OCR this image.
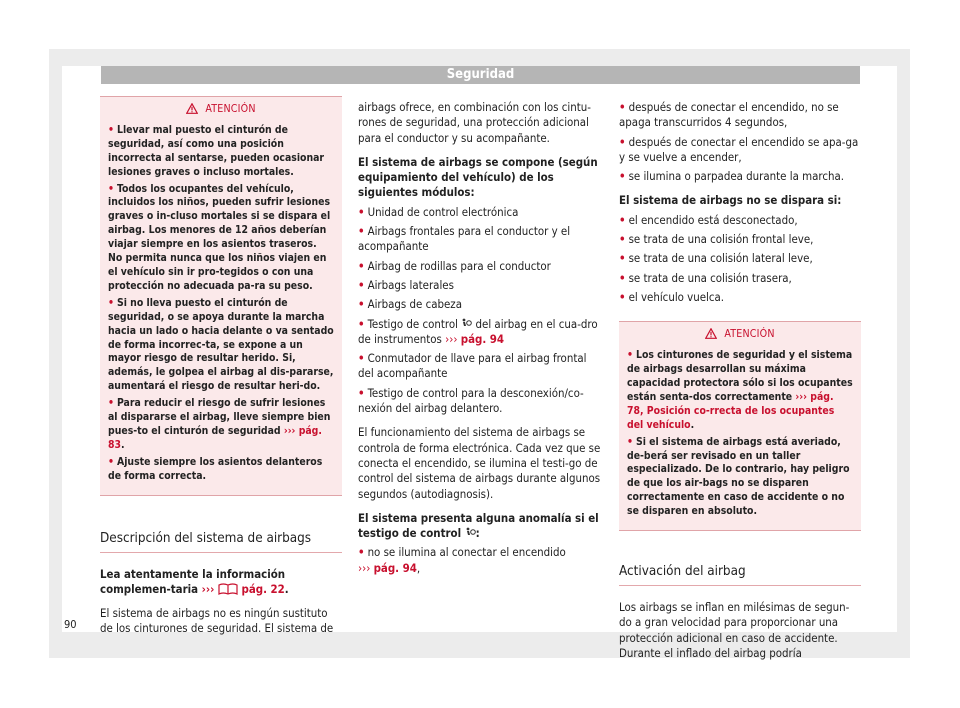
Seguridad
ATENCIÓN
• Llevar mal puesto el cinturón de seguridad, así como una posición incorrecta al sentarse, pueden ocasionar lesiones graves o incluso mortales.
• Todos los ocupantes del vehículo, incluidos los niños, pueden sufrir lesiones graves o in-cluso mortales si se dispara el airbag. Los menores de 12 años deberían viajar siempre en los asientos traseros. No permita nunca que los niños viajen en el vehículo sin ir pro-tegidos o con una protección no adecuada pa-ra su peso.
• Si no lleva puesto el cinturón de seguridad, o se apoya durante la marcha hacia un lado o hacia delante o va sentado de forma incorrec-ta, se expone a un mayor riesgo de resultar herido. Si, además, le golpea el airbag al dis-pararse, aumentará el riesgo de resultar heri-do.
• Para reducir el riesgo de sufrir lesiones al dispararse el airbag, lleve siempre bien pues-to el cinturón de seguridad ››› pág. 83.
• Ajuste siempre los asientos delanteros de forma correcta.
Descripción del sistema de airbags

Lea atentamente la información complemen-taria ››› pág. 22.

El sistema de airbags no es ningún sustituto de los cinturones de seguridad. El sistema de

airbags ofrece, en combinación con los cintu-rones de seguridad, una protección adicional para el conductor y su acompañante.

El sistema de airbags se compone (según equipamiento del vehículo) de los siguientes módulos:

• Unidad de control electrónica
• Airbags frontales para el conductor y el acompañante
• Airbag de rodillas para el conductor
• Airbags laterales
• Airbags de cabeza
• Testigo de control del airbag en el cua-dro de instrumentos ››› pág. 94
• Conmutador de llave para el airbag frontal del acompañante
• Testigo de control para la desconexión/co-nexión del airbag delantero.

El funcionamiento del sistema de airbags se controla de forma electrónica. Cada vez que se conecta el encendido, se ilumina el testi-go de control del sistema de airbags durante algunos segundos (autodiagnosis).

El sistema presenta alguna anomalía si el testigo de control :

• no se ilumina al conectar el encendido
››› pág. 94,
• después de conectar el encendido, no se apaga transcurridos 4 segundos,
• después de conectar el encendido se apa-ga y se vuelve a encender,
• se ilumina o parpadea durante la marcha.

El sistema de airbags no se dispara si:

• el encendido está desconectado,
• se trata de una colisión frontal leve,
• se trata de una colisión lateral leve,
• se trata de una colisión trasera,
• el vehículo vuelca.
ATENCIÓN
• Los cinturones de seguridad y el sistema de airbags desarrollan su máxima capacidad protectora sólo si los ocupantes están senta-dos correctamente ››› pág. 78, Posición co-rrecta de los ocupantes del vehículo.
• Si el sistema de airbags está averiado, de-berá ser revisado en un taller especializado. De lo contrario, hay peligro de que los air-bags no se disparen correctamente en caso de accidente o no se disparen en absoluto.
Activación del airbag

Los airbags se inflan en milésimas de segun-do a gran velocidad para proporcionar una protección adicional en caso de accidente. Durante el inflado del airbag podría

90
